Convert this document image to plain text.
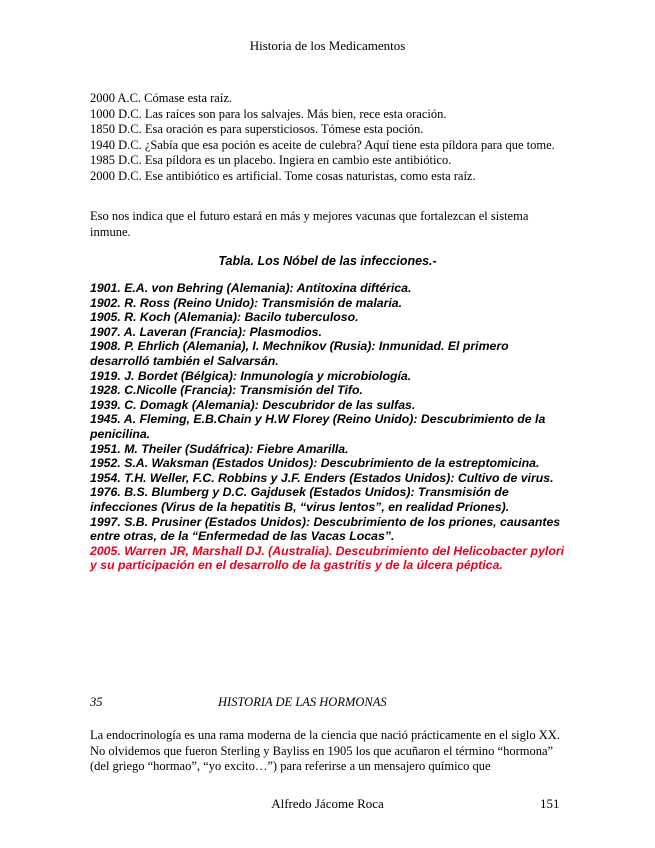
Historia de los Medicamentos
2000 A.C. Cómase esta raíz.
1000 D.C. Las raíces son para los salvajes. Más bien, rece esta oración.
1850 D.C. Esa oración es para supersticiosos. Tómese esta poción.
1940 D.C. ¿Sabía que esa poción es aceite de culebra? Aquí tiene esta píldora para que tome.
1985 D.C. Esa píldora es un placebo. Ingiera en cambio este antibiótico.
2000 D.C. Ese antibiótico es artificial. Tome cosas naturistas, como esta raíz.
Eso nos indica que el futuro estará en más y mejores vacunas que fortalezcan el sistema inmune.
Tabla. Los Nóbel de las infecciones.-
1901. E.A. von Behring (Alemania): Antitoxina diftérica.
1902. R. Ross (Reino Unido): Transmisión de malaria.
1905. R. Koch (Alemania): Bacilo tuberculoso.
1907. A. Laveran (Francia): Plasmodios.
1908. P. Ehrlich (Alemania), I. Mechnikov (Rusia): Inmunidad. El primero desarrolló también el Salvarsán.
1919. J. Bordet (Bélgica): Inmunología y microbiología.
1928. C.Nicolle (Francia): Transmisión del Tifo.
1939. C. Domagk (Alemania): Descubridor de las sulfas.
1945. A. Fleming, E.B.Chain y H.W Florey (Reino Unido): Descubrimiento de la penicilina.
1951. M. Theiler (Sudáfrica): Fiebre Amarilla.
1952. S.A. Waksman (Estados Unidos): Descubrimiento de la estreptomicina.
1954. T.H. Weller, F.C. Robbins y J.F. Enders (Estados Unidos): Cultivo de virus.
1976. B.S. Blumberg y D.C. Gajdusek (Estados Unidos): Transmisión de infecciones (Virus de la hepatitis B, “virus lentos”, en realidad Priones).
1997. S.B. Prusiner (Estados Unidos): Descubrimiento de los priones, causantes entre otras, de la “Enfermedad de las Vacas Locas”.
2005. Warren JR, Marshall DJ. (Australia). Descubrimiento del Helicobacter pylori y su participación en el desarrollo de la gastritis y de la úlcera péptica.
35	HISTORIA DE LAS HORMONAS
La endocrinología es una rama moderna de la ciencia que nació prácticamente en el siglo XX. No olvidemos que fueron Sterling y Bayliss en 1905 los que acuñaron el término “hormona” (del griego “hormao”, “yo excito…”) para referirse a un mensajero químico que
Alfredo Jácome Roca	151
